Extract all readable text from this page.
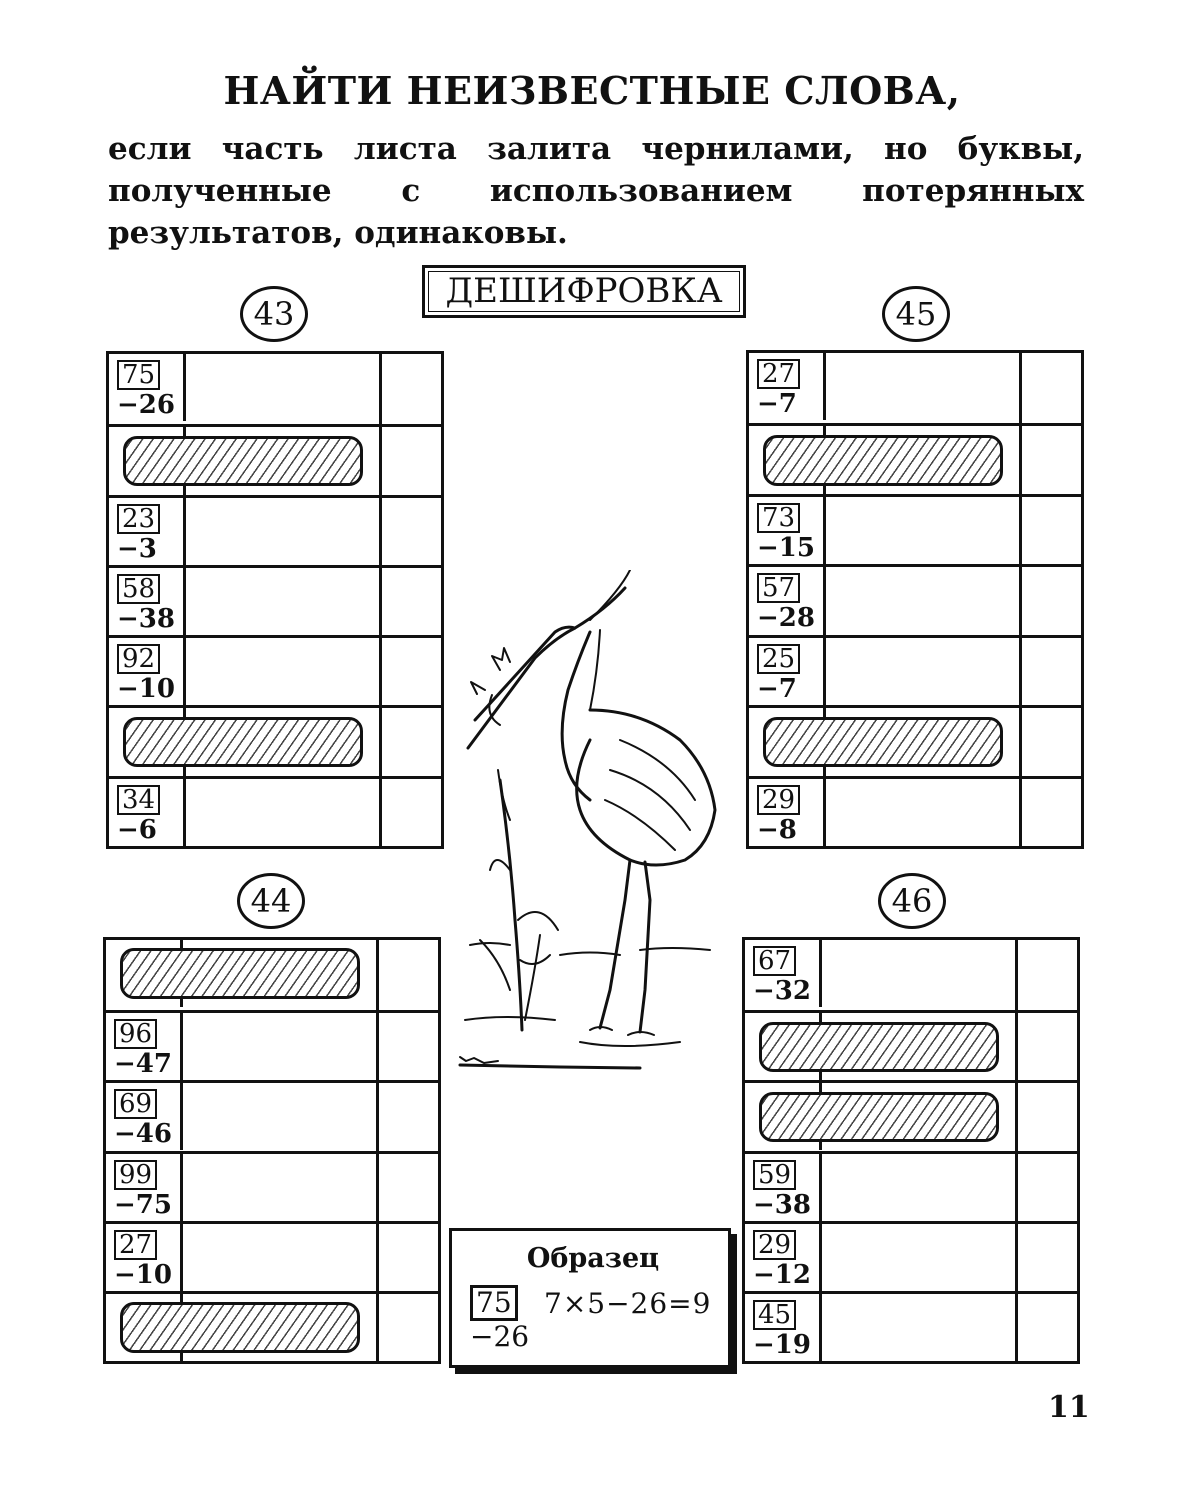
НАЙТИ НЕИЗВЕСТНЫЕ СЛОВА,
если часть листа залита чернилами, но буквы, полученные с использованием потерянных результатов, одинаковы.
ДЕШИФРОВКА
43	45
44	46
75
−26
23
−3
58
−38
92
−10
34
−6
27
−7
73
−15
57
−28
25
−7
29
−8
96
−47
69
−46
99
−75
27
−10
67
−32
59
−38
29
−12
45
−19
Образец
75
−26
7×5−26=9
11
